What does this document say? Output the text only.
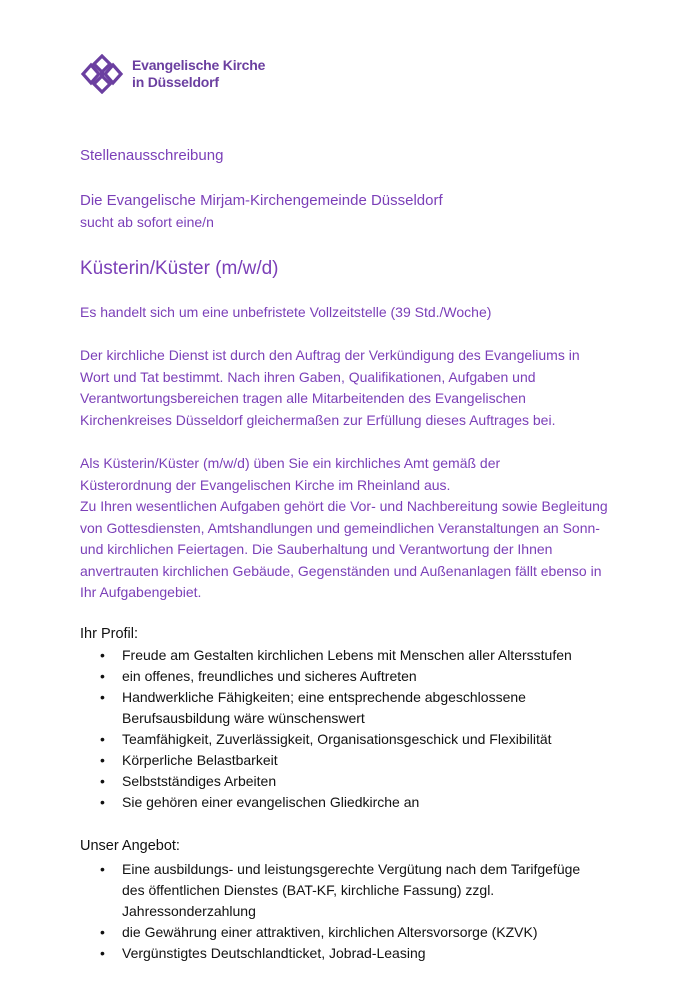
Evangelische Kirche
in Düsseldorf
Stellenausschreibung
Die Evangelische Mirjam-Kirchengemeinde Düsseldorf
sucht ab sofort eine/n
Küsterin/Küster (m/w/d)
Es handelt sich um eine unbefristete Vollzeitstelle (39 Std./Woche)
Der kirchliche Dienst ist durch den Auftrag der Verkündigung des Evangeliums in Wort und Tat bestimmt. Nach ihren Gaben, Qualifikationen, Aufgaben und Verantwortungsbereichen tragen alle Mitarbeitenden des Evangelischen Kirchenkreises Düsseldorf gleichermaßen zur Erfüllung dieses Auftrages bei.
Als Küsterin/Küster (m/w/d) üben Sie ein kirchliches Amt gemäß der Küsterordnung der Evangelischen Kirche im Rheinland aus.
Zu Ihren wesentlichen Aufgaben gehört die Vor- und Nachbereitung sowie Begleitung von Gottesdiensten, Amtshandlungen und gemeindlichen Veranstaltungen an Sonn- und kirchlichen Feiertagen. Die Sauberhaltung und Verantwortung der Ihnen anvertrauten kirchlichen Gebäude, Gegenständen und Außenanlagen fällt ebenso in Ihr Aufgabengebiet.
Ihr Profil:
• Freude am Gestalten kirchlichen Lebens mit Menschen aller Altersstufen
• ein offenes, freundliches und sicheres Auftreten
• Handwerkliche Fähigkeiten; eine entsprechende abgeschlossene Berufsausbildung wäre wünschenswert
• Teamfähigkeit, Zuverlässigkeit, Organisationsgeschick und Flexibilität
• Körperliche Belastbarkeit
• Selbstständiges Arbeiten
• Sie gehören einer evangelischen Gliedkirche an
Unser Angebot:
• Eine ausbildungs- und leistungsgerechte Vergütung nach dem Tarifgefüge des öffentlichen Dienstes (BAT-KF, kirchliche Fassung) zzgl. Jahressonderzahlung
• die Gewährung einer attraktiven, kirchlichen Altersvorsorge (KZVK)
• Vergünstigtes Deutschlandticket, Jobrad-Leasing
